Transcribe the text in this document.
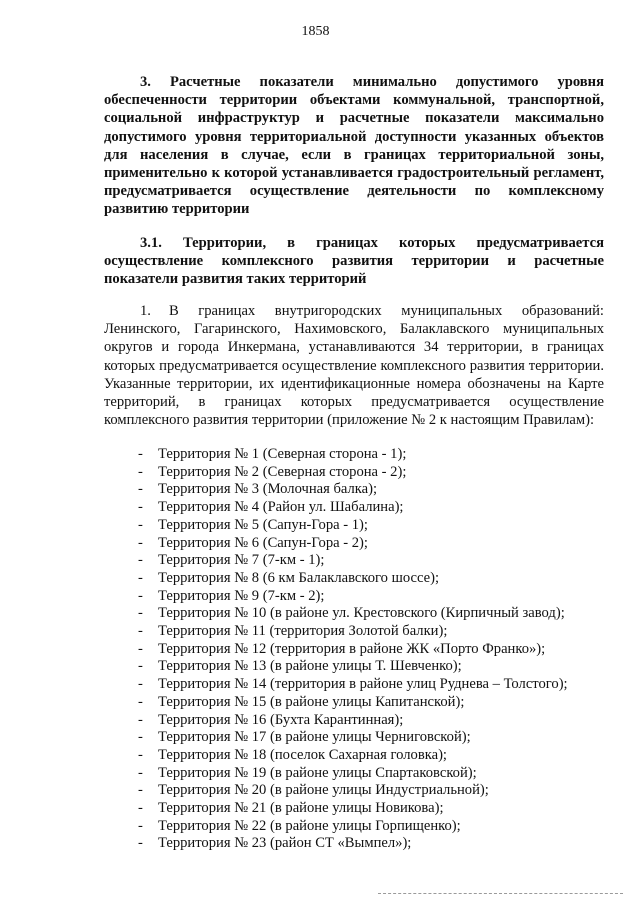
1858
3. Расчетные показатели минимально допустимого уровня обеспеченности территории объектами коммунальной, транспортной, социальной инфраструктур и расчетные показатели максимально допустимого уровня территориальной доступности указанных объектов для населения в случае, если в границах территориальной зоны, применительно к которой устанавливается градостроительный регламент, предусматривается осуществление деятельности по комплексному развитию территории
3.1. Территории, в границах которых предусматривается осуществление комплексного развития территории и расчетные показатели развития таких территорий
1. В границах внутригородских муниципальных образований: Ленинского, Гагаринского, Нахимовского, Балаклавского муниципальных округов и города Инкермана, устанавливаются 34 территории, в границах которых предусматривается осуществление комплексного развития территории. Указанные территории, их идентификационные номера обозначены на Карте территорий, в границах которых предусматривается осуществление комплексного развития территории (приложение № 2 к настоящим Правилам):
-	Территория № 1 (Северная сторона - 1);
-	Территория № 2 (Северная сторона - 2);
-	Территория № 3 (Молочная балка);
-	Территория № 4 (Район ул. Шабалина);
-	Территория № 5 (Сапун-Гора - 1);
-	Территория № 6 (Сапун-Гора - 2);
-	Территория № 7 (7-км - 1);
-	Территория № 8 (6 км Балаклавского шоссе);
-	Территория № 9 (7-км - 2);
-	Территория № 10 (в районе ул. Крестовского (Кирпичный завод);
-	Территория № 11 (территория Золотой балки);
-	Территория № 12 (территория в районе ЖК «Порто Франко»);
-	Территория № 13 (в районе улицы Т. Шевченко);
-	Территория № 14 (территория в районе улиц Руднева – Толстого);
-	Территория № 15 (в районе улицы Капитанской);
-	Территория № 16 (Бухта Карантинная);
-	Территория № 17 (в районе улицы Черниговской);
-	Территория № 18 (поселок Сахарная головка);
-	Территория № 19 (в районе улицы Спартаковской);
-	Территория № 20 (в районе улицы Индустриальной);
-	Территория № 21 (в районе улицы Новикова);
-	Территория № 22 (в районе улицы Горпищенко);
-	Территория № 23 (район СТ «Вымпел»);
